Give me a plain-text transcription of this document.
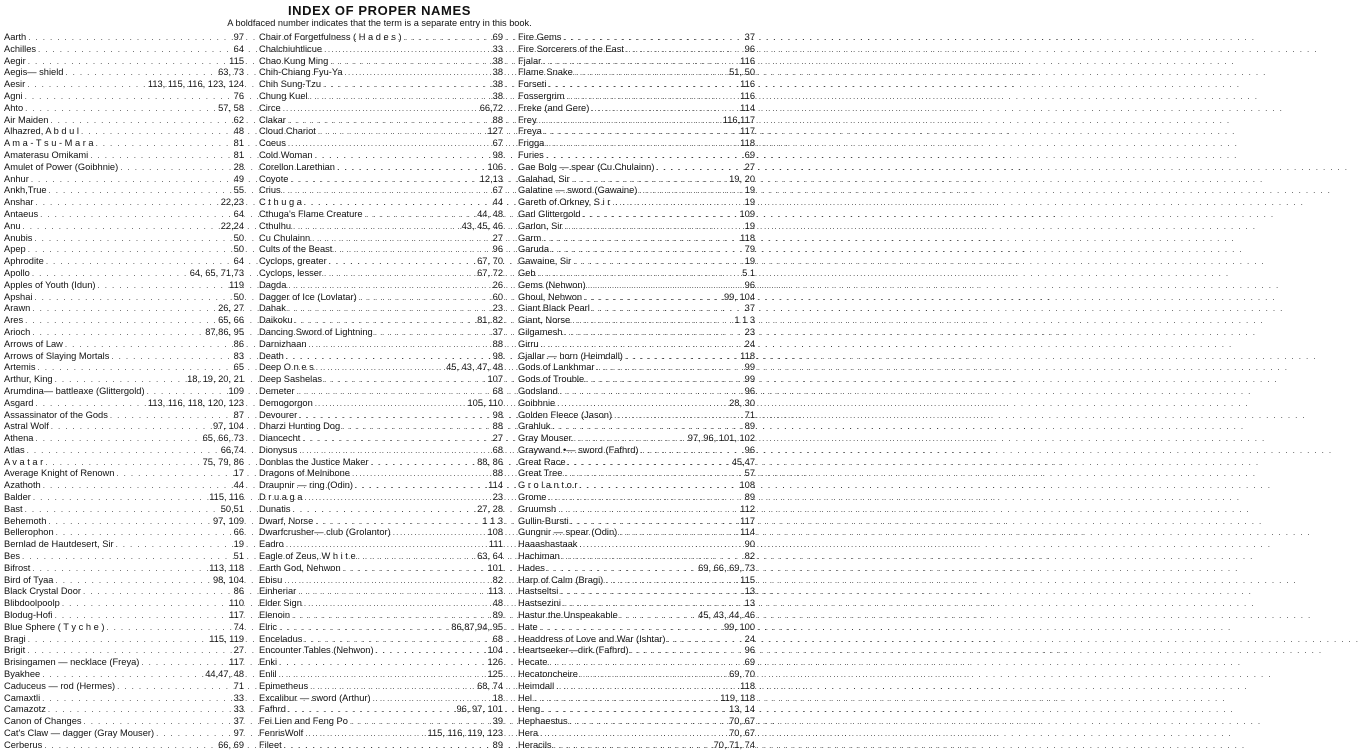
INDEX OF PROPER NAMES
A boldfaced number indicates that the term is a separate entry in this book.
Aarth . . .	97
Achilles . . .	64
Aegir . . .	115
Aegis— shield . . .	63, 73
Aesir . . .	113, 115, 116, 123, 124
Agni . . .	76
Ahto . . .	57, 58
Air Maiden . . .	62
Alhazred, A b d u l . . .	48
A m a - T s u - M a r a . . .	81
Amaterasu Omikami . . .	81
Amulet of Power (Goibhnie) . . .	28
Anhur . . .	49
Ankh,True . . .	55
Anshar . . .	22,23
Antaeus . . .	64
Anu . . .	22,24
Anubis . . .	50
Apep . . .	50
Aphrodite . . .	64
Apollo . . .	64, 65, 71,73
Apples of Youth (Idun) . . .	119
Apshai . . .	50
Arawn . . .	26, 27
Ares . . .	65, 66
Arioch . . .	87,86, 95
Arrows of Law . . .	86
Arrows of Slaying Mortals . . .	83
Artemis . . .	65
Arthur, King . . .	18, 19, 20, 21
Arumdina— battleaxe (Glittergold) . . .	109
Asgard . . .	113, 116, 118, 120, 123
Assassinator of the Gods . . .	87
Astral Wolf . . .	97, 104
Athena . . .	65, 66, 73
Atlas . . .	66,74
A v a t a r . . .	75, 79, 86
Average Knight of Renown . . .	17
Azathoth . . .	44
Balder . . .	115, 116
Bast . . .	50,51
Behemoth . . .	97, 109
Bellerophon . . .	66
Bernlad de Hautdesert, Sir . . .	19
Bes . . .	51
Bifrost . . .	113, 118
Bird of Tyaa . . .	98, 104
Black Crystal Door . . .	86
Blibdoolpoolp . . .	110
Blodug-Hofi . . .	117
Blue Sphere ( T y c h e ) . . .	74
Bragi . . .	115, 119
Brigit . . .	27
Brisingamen — necklace (Freya) . . .	117
Byakhee . . .	44,47, 48
Caduceus — rod (Hermes) . . .	71
Camaxtli . . .	33
Camazotz . . .	33
Canon of Changes . . .	37
Cat's Claw — dagger (Gray Mouser) . . .	97
Cerberus . . .	66, 69
Chair of Forgetfulness ( H a d e s ) . . .	69
Chalchiuhtlicue . . .	33
Chao Kung Ming . . .	38
Chih-Chiang Fyu-Ya . . .	38
Chih Sung-Tzu . . .	38
Chung Kuel . . .	38
Circe . . .	66,72
Clakar . . .	88
Cloud Chariot . . .	127
Coeus . . .	67
Cold Woman . . .	98
Corellon Larethian . . .	106
Coyote . . .	12,13
Crius . . .	67
C t h u g a . . .	44
Cthuga's Flame Creature . . .	44, 48
Cthulhu . . .	43, 45, 46
Cu Chulainn . . .	27
Cults of the Beast . . .	96
Cyclops, greater . . .	67, 70
Cyclops, lesser . . .	67, 72
Dagda . . .	26
Dagger of Ice (Lovlatar) . . .	60
Dahak . . .	23
Daikoku . . .	81, 82
Dancing Sword of Lightning . . .	37
Darnizhaan . . .	88
Death . . .	98
Deep O n e s . . .	45, 43, 47, 48
Deep Sashelas . . .	107
Demeter . . .	68
Demogorgon . . .	105, 110
Devourer . . .	98
Dharzi Hunting Dog . . .	88
Diancecht . . .	27
Dionysus . . .	68
Donblas the Justice Maker . . .	88, 86
Dragons of Melnibone . . .	88
Draupnir — ring (Odin) . . .	114
D r u a g a . . .	23
Dunatis . . .	27, 28
Dwarf, Norse . . .	1 1 3
Dwarfcrusher— club (Grolantor) . . .	108
Eadro . . .	111
Eagle of Zeus, W h i t e . . .	63, 64
Earth God, Nehwon . . .	101
Ebisu . . .	82
Einheriar . . .	113
Elder Sign . . .	48
Elenoin . . .	89
Elric . . .	86,87,94, 95
Enceladus . . .	68
Encounter Tables (Nehwon) . . .	104
Enki . . .	126
Enlil . . .	125
Epimetheus . . .	68, 74
Excalibur — sword (Arthur) . . .	18
Fafhrd . . .	96, 97, 101
Fei Lien and Feng Po . . .	39
FenrisWolf . . .	115, 116, 119, 123
Fileet . . .	89
Fire Gems . . .	37
Fire Sorcerers of the East . . .	96
Fjalar . . .	116
Flame Snake . . .	51, 50
Forseti . . .	116
Fossergrim . . .	116
Freke (and Gere) . . .	114
Frey . . .	116,117
Freya . . .	117
Frigga . . .	118
Furies . . .	69
Gae Bolg — spear (Cu Chulainn) . . .	27
Galahad, Sir . . .	19, 20
Galatine — sword (Gawaine) . . .	19
Gareth of Orkney, S i r . . .	19
Garl Glittergold . . .	109
Garlon, Sir . . .	19
Garm . . .	118
Garuda . . .	79
Gawaine, Sir . . .	19
Geb . . .	5 1
Gems (Nehwon) . . .	96
Ghoul, Nehwon . . .	99, 104
Giant Black Pearl . . .	37
Giant, Norse . . .	1 1 3
Gilgamesh . . .	23
Girru . . .	24
Gjallar — horn (Heimdall) . . .	118
Gods of Lankhmar . . .	99
Gods of Trouble . . .	99
Godsland . . .	96
Goibhnie . . .	28, 30
Golden Fleece (Jason) . . .	71
Grahluk . . .	89
Gray Mouser . . .	97, 96, 101, 102
Graywand •— sword (Fafhrd) . . .	96
Great Race . . .	45,47
Great Tree . . .	57
G r o l a n t o r . . .	108
Grome . . .	89
Gruumsh . . .	112
Gullin-Bursti . . .	117
Gungnir — spear (Odin) . . .	114
Haaashastaak . . .	90
Hachiman . . .	82
Hades . . .	69, 66, 69, 73
Harp of Calm (Bragi) . . .	115
Hastseltsi . . .	13
Hastsezini . . .	13
Hastur the Unspeakable . . .	45, 43, 44, 46
Hate . . .	99, 100
Headdress of Love and War (Ishtar) . . .	24
Heartseeker—dirk (Fafhrd) . . .	96
Hecate . . .	69
Hecatoncheire . . .	69, 70
Heimdall . . .	118
Hel . . .	119, 118
Heng . . .	13, 14
Hephaestus . . .	70, 67
Hera . . .	70, 67
Heracils . . .	70, 71, 74
